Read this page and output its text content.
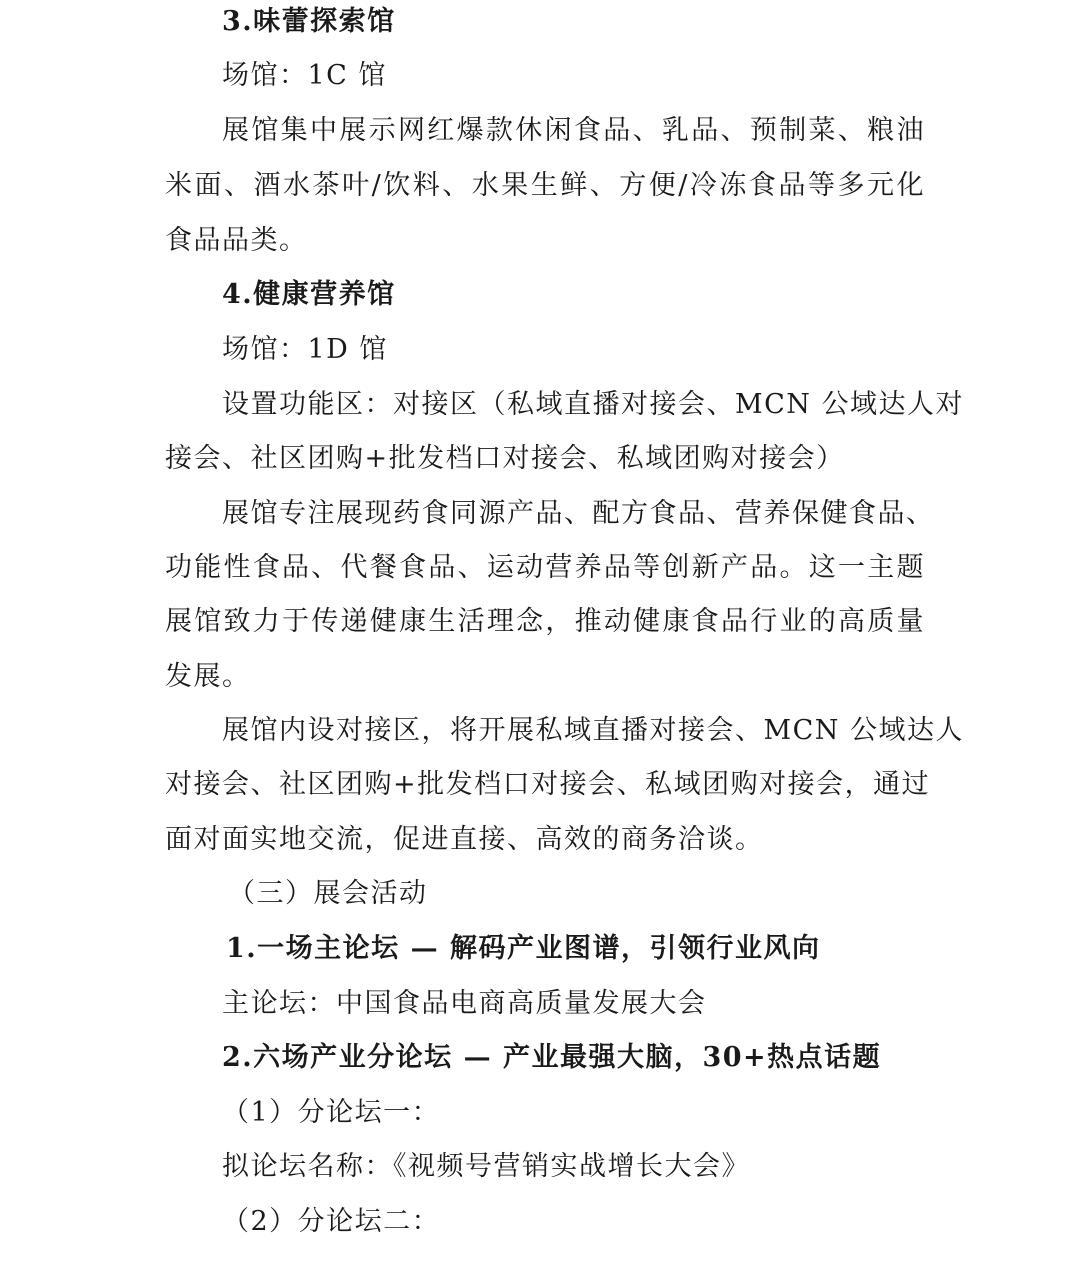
3.味蕾探索馆
场馆：1C 馆
展馆集中展示网红爆款休闲食品、乳品、预制菜、粮油
米面、酒水茶叶/饮料、水果生鲜、方便/冷冻食品等多元化
食品品类。
4.健康营养馆
场馆：1D 馆
设置功能区：对接区（私域直播对接会、MCN 公域达人对
接会、社区团购+批发档口对接会、私域团购对接会）
展馆专注展现药食同源产品、配方食品、营养保健食品、
功能性食品、代餐食品、运动营养品等创新产品。这一主题
展馆致力于传递健康生活理念，推动健康食品行业的高质量
发展。
展馆内设对接区，将开展私域直播对接会、MCN 公域达人
对接会、社区团购+批发档口对接会、私域团购对接会，通过
面对面实地交流，促进直接、高效的商务洽谈。
（三）展会活动
1.一场主论坛 — 解码产业图谱，引领行业风向
主论坛：中国食品电商高质量发展大会
2.六场产业分论坛 — 产业最强大脑，30+热点话题
（1）分论坛一：
拟论坛名称：《视频号营销实战增长大会》
（2）分论坛二：
